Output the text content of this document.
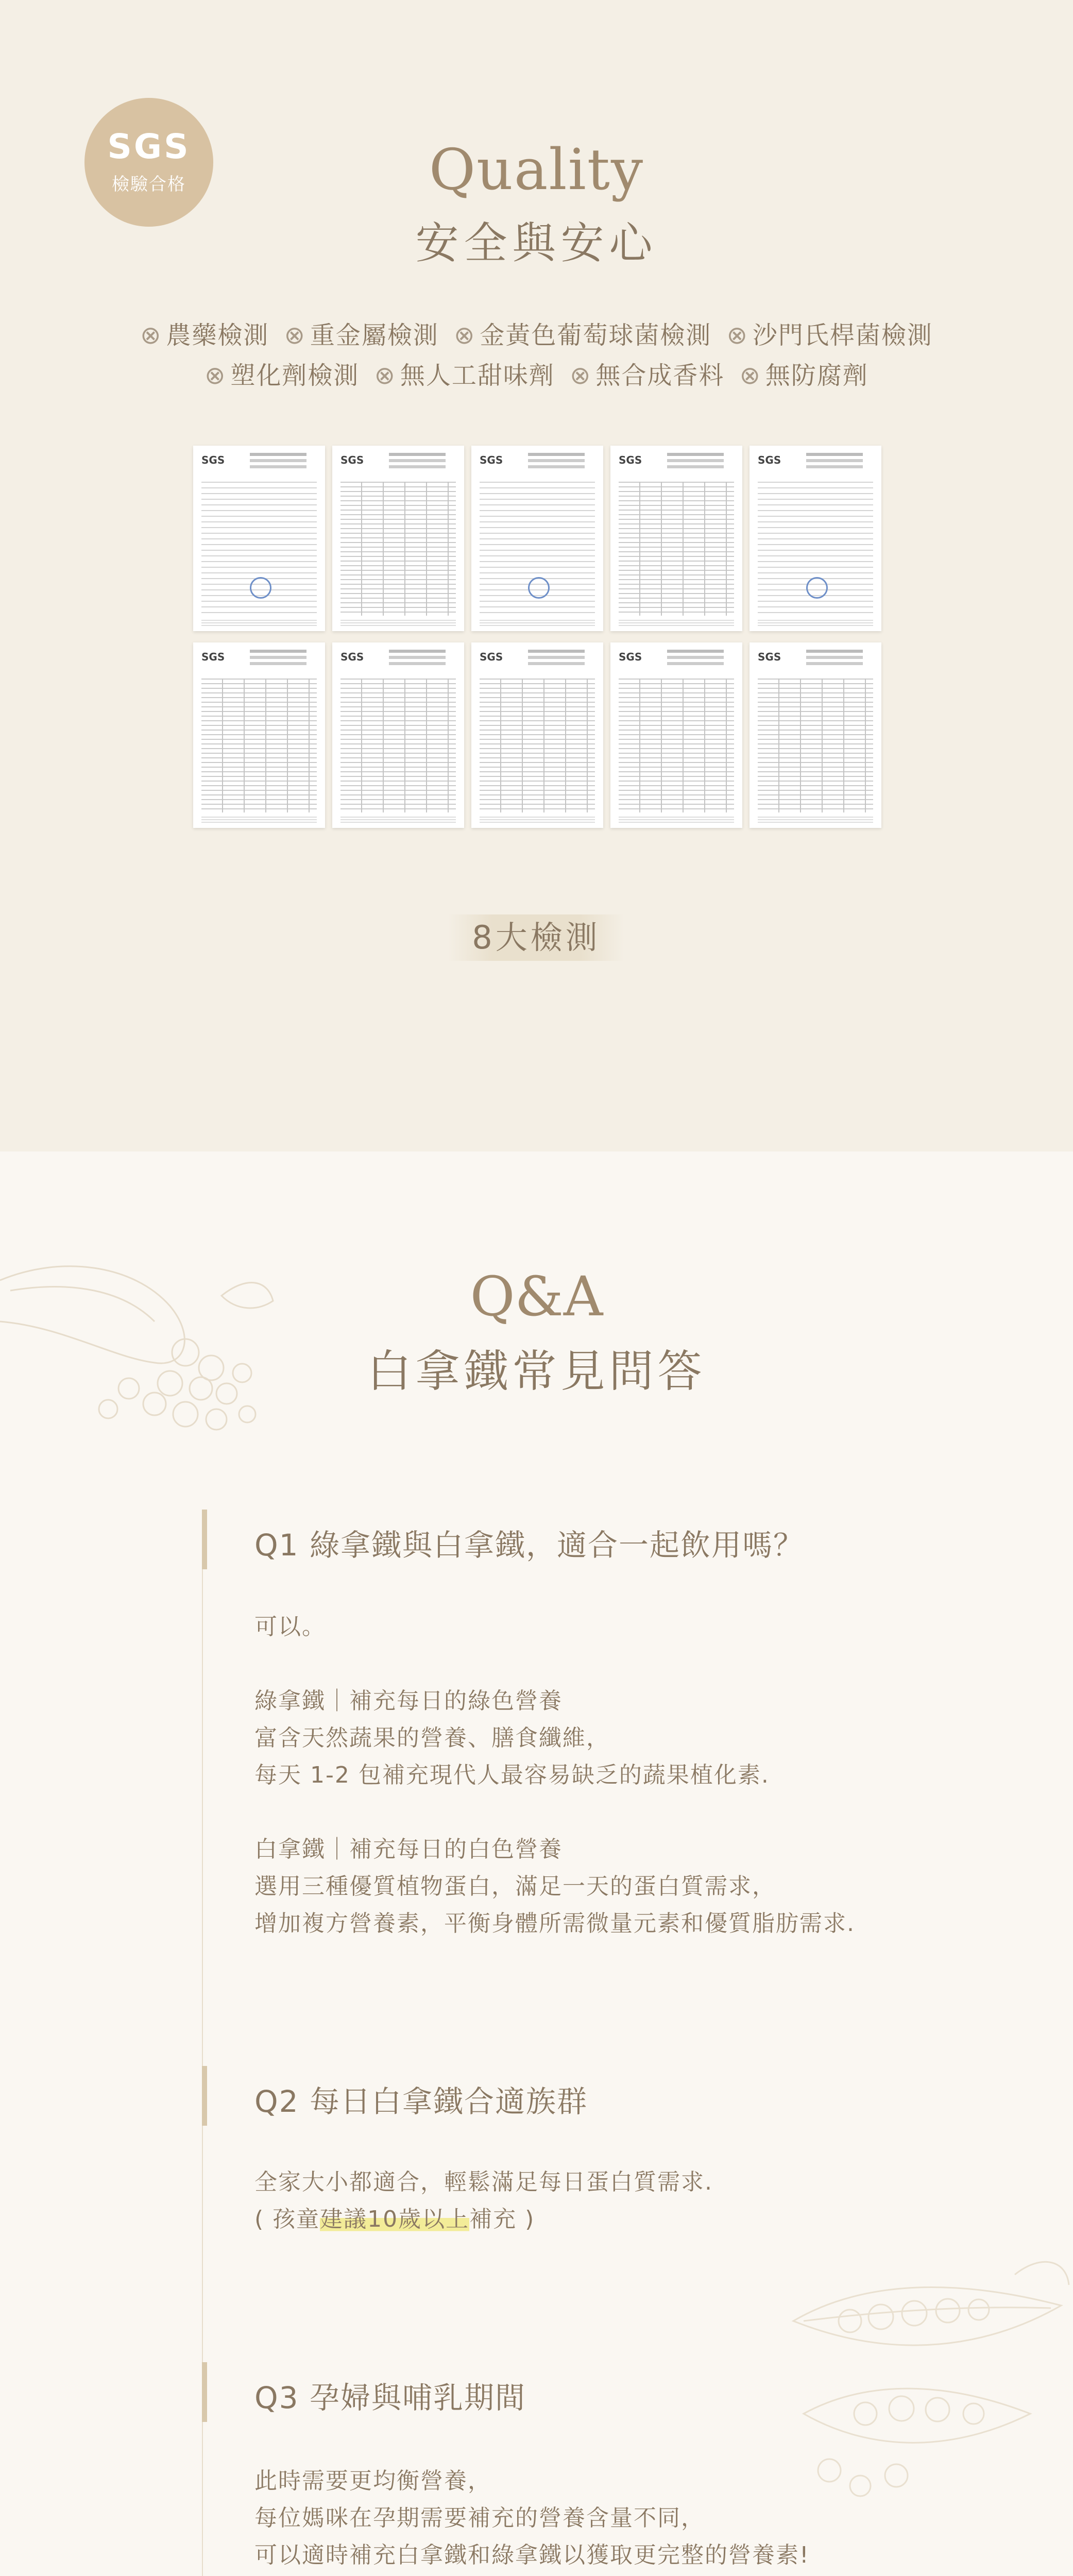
SGS
檢驗合格	Quality
安全與安心
⊗ 農藥檢測 ⊗ 重金屬檢測 ⊗ 金黃色葡萄球菌檢測 ⊗ 沙門氏桿菌檢測
⊗ 塑化劑檢測 ⊗ 無人工甜味劑 ⊗ 無合成香料 ⊗ 無防腐劑
SGS	SGS	SGS	SGS	SGS
SGS	SGS	SGS	SGS	SGS
8大檢測
Q&A
白拿鐵常見問答
Q1 綠拿鐵與白拿鐵，適合一起飲用嗎？
可以。

綠拿鐵｜補充每日的綠色營養
富含天然蔬果的營養、膳食纖維，
每天 1-2 包補充現代人最容易缺乏的蔬果植化素.

白拿鐵｜補充每日的白色營養
選用三種優質植物蛋白，滿足一天的蛋白質需求，
增加複方營養素，平衡身體所需微量元素和優質脂肪需求.
Q2 每日白拿鐵合適族群
全家大小都適合，輕鬆滿足每日蛋白質需求.
( 孩童建議10歲以上補充 )
Q3 孕婦與哺乳期間
此時需要更均衡營養，
每位媽咪在孕期需要補充的營養含量不同，
可以適時補充白拿鐵和綠拿鐵以獲取更完整的營養素!
